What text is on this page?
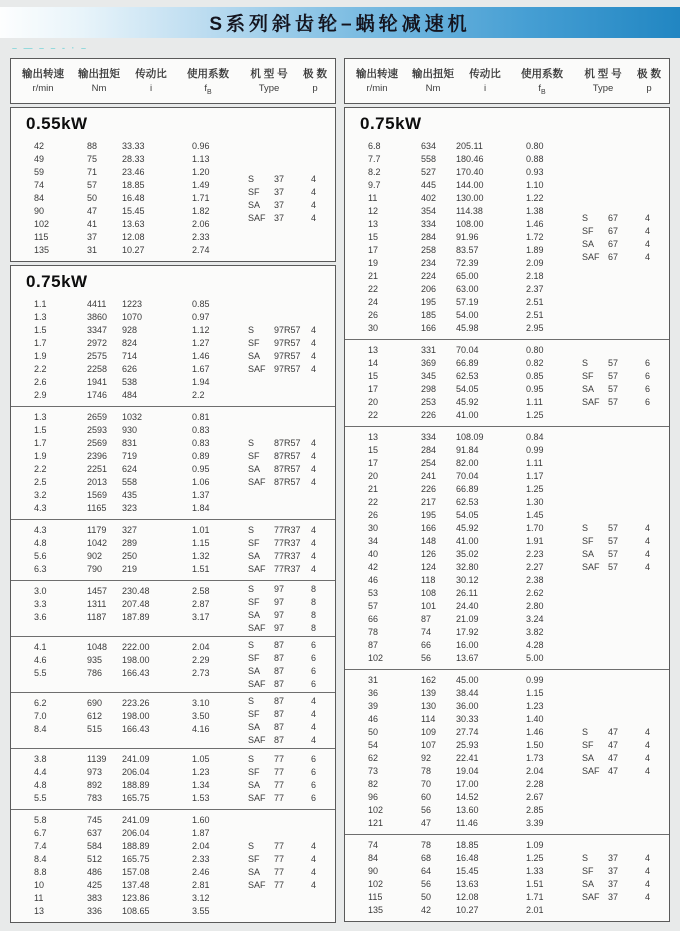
S系列斜齿轮–蜗轮减速机
– — – – - · –
输出转速	输出扭矩	传动比	使用系数	机 型 号	极 数
r/min	Nm	i	$f_B$	Type	p
0.55kW
42	88	33.33	0.96
49	75	28.33	1.13
59	71	23.46	1.20
74	57	18.85	1.49
84	50	16.48	1.71
90	47	15.45	1.82
102	41	13.63	2.06
115	37	12.08	2.33
135	31	10.27	2.74
S	37	4
SF	37	4
SA	37	4
SAF 37	4
0.75kW
1.1	4411	1223	0.85
1.3	3860	1070	0.97
1.5	3347	928	1.12
1.7	2972	824	1.27
1.9	2575	714	1.46
2.2	2258	626	1.67
2.6	1941	538	1.94
2.9	1746	484	2.2
S	97R57	4
SF	97R57	4
SA	97R57	4
SAF 97R57	4
1.3	2659	1032	0.81
1.5	2593	930	0.83
1.7	2569	831	0.83
1.9	2396	719	0.89
2.2	2251	624	0.95
2.5	2013	558	1.06
3.2	1569	435	1.37
4.3	1165	323	1.84
S	87R57	4
SF	87R57	4
SA	87R57	4
SAF 87R57	4
4.3	1179	327	1.01
4.8	1042	289	1.15
5.6	902	250	1.32
6.3	790	219	1.51
S	77R37	4
SF	77R37	4
SA	77R37	4
SAF 77R37	4
3.0	1457	230.48	2.58
3.3	1311	207.48	2.87
3.6	1187	187.89	3.17
S	97	8
SF	97	8
SA	97	8
SAF 97	8
4.1	1048	222.00	2.04
4.6	935	198.00	2.29
5.5	786	166.43	2.73
S	87	6
SF	87	6
SA	87	6
SAF 87	6
6.2	690	223.26	3.10
7.0	612	198.00	3.50
8.4	515	166.43	4.16
S	87	4
SF	87	4
SA	87	4
SAF 87	4
3.8	1139	241.09	1.05
4.4	973	206.04	1.23
4.8	892	188.89	1.34
5.5	783	165.75	1.53
S	77	6
SF	77	6
SA	77	6
SAF 77	6
5.8	745	241.09	1.60
6.7	637	206.04	1.87
7.4	584	188.89	2.04
8.4	512	165.75	2.33
8.8	486	157.08	2.46
10	425	137.48	2.81
11	383	123.86	3.12
13	336	108.65	3.55
S	77	4
SF	77	4
SA	77	4
SAF 77	4
输出转速	输出扭矩	传动比	使用系数	机 型 号	极 数
r/min	Nm	i	$f_B$	Type	p
0.75kW
6.8	634	205.11	0.80
7.7	558	180.46	0.88
8.2	527	170.40	0.93
9.7	445	144.00	1.10
11	402	130.00	1.22
12	354	114.38	1.38
13	334	108.00	1.46
15	284	91.96	1.72
17	258	83.57	1.89
19	234	72.39	2.09
21	224	65.00	2.18
22	206	63.00	2.37
24	195	57.19	2.51
26	185	54.00	2.51
30	166	45.98	2.95
S	67	4
SF	67	4
SA	67	4
SAF 67	4
13	331	70.04	0.80
14	369	66.89	0.82
15	345	62.53	0.85
17	298	54.05	0.95
20	253	45.92	1.11
22	226	41.00	1.25
S	57	6
SF	57	6
SA	57	6
SAF 57	6
13	334	108.09	0.84
15	284	91.84	0.99
17	254	82.00	1.11
20	241	70.04	1.17
21	226	66.89	1.25
22	217	62.53	1.30
26	195	54.05	1.45
30	166	45.92	1.70
34	148	41.00	1.91
40	126	35.02	2.23
42	124	32.80	2.27
46	118	30.12	2.38
53	108	26.11	2.62
57	101	24.40	2.80
66	87	21.09	3.24
78	74	17.92	3.82
87	66	16.00	4.28
102	56	13.67	5.00
S	57	4
SF	57	4
SA	57	4
SAF 57	4
31	162	45.00	0.99
36	139	38.44	1.15
39	130	36.00	1.23
46	114	30.33	1.40
50	109	27.74	1.46
54	107	25.93	1.50
62	92	22.41	1.73
73	78	19.04	2.04
82	70	17.00	2.28
96	60	14.52	2.67
102	56	13.60	2.85
121	47	11.46	3.39
S	47	4
SF	47	4
SA	47	4
SAF 47	4
74	78	18.85	1.09
84	68	16.48	1.25
90	64	15.45	1.33
102	56	13.63	1.51
115	50	12.08	1.71
135	42	10.27	2.01
S	37	4
SF	37	4
SA	37	4
SAF 37	4
